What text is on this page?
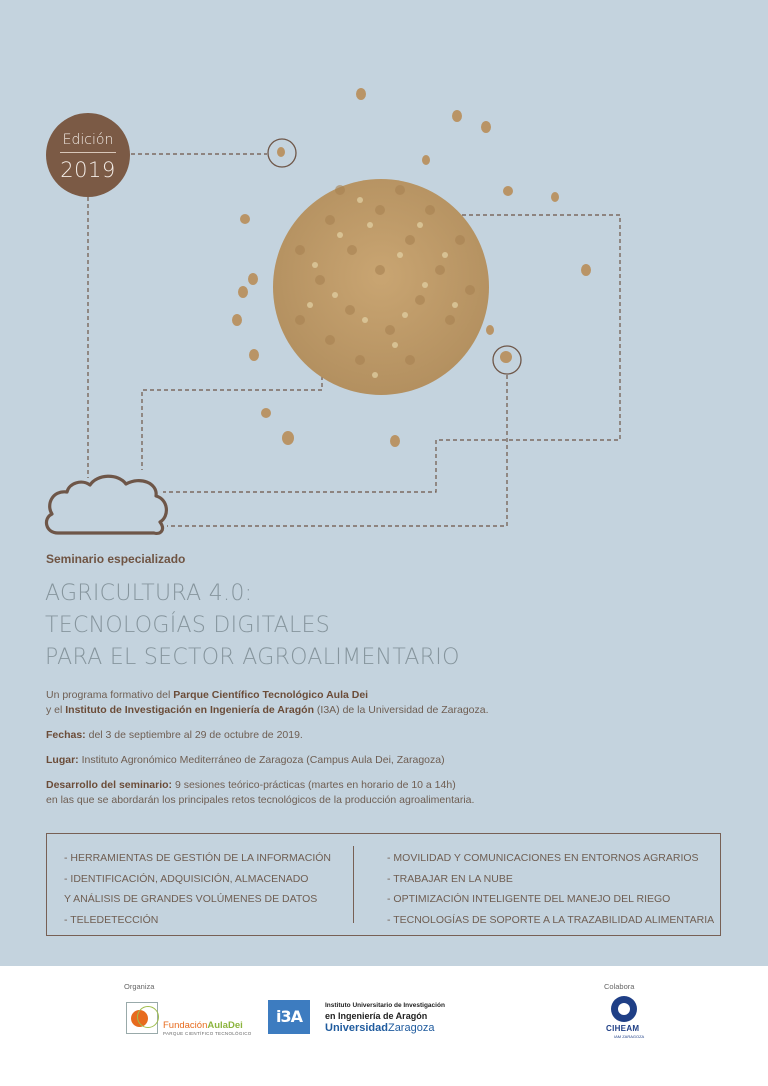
Edición
2019
Seminario especializado
AGRICULTURA 4.0:
TECNOLOGÍAS DIGITALES
PARA EL SECTOR AGROALIMENTARIO

Un programa formativo del Parque Científico Tecnológico Aula Dei
y el Instituto de Investigación en Ingeniería de Aragón (I3A) de la Universidad de Zaragoza.

Fechas: del 3 de septiembre al 29 de octubre de 2019.

Lugar: Instituto Agronómico Mediterráneo de Zaragoza (Campus Aula Dei, Zaragoza)

Desarrollo del seminario: 9 sesiones teórico-prácticas (martes en horario de 10 a 14h)
en las que se abordarán los principales retos tecnológicos de la producción agroalimentaria.

- HERRAMIENTAS DE GESTIÓN DE LA INFORMACIÓN
- IDENTIFICACIÓN, ADQUISICIÓN, ALMACENADO
Y ANÁLISIS DE GRANDES VOLÚMENES DE DATOS
- TELEDETECCIÓN
- MOVILIDAD Y COMUNICACIONES EN ENTORNOS AGRARIOS
- TRABAJAR EN LA NUBE
- OPTIMIZACIÓN INTELIGENTE DEL MANEJO DEL RIEGO
- TECNOLOGÍAS DE SOPORTE A LA TRAZABILIDAD ALIMENTARIA
Organiza	Colabora
FundaciónAulaDei
PARQUE CIENTÍFICO TECNOLÓGICO
i3A
Instituto Universitario de Investigación
en Ingeniería de Aragón
UniversidadZaragoza	CIHEAM
IAM ZARAGOZA
